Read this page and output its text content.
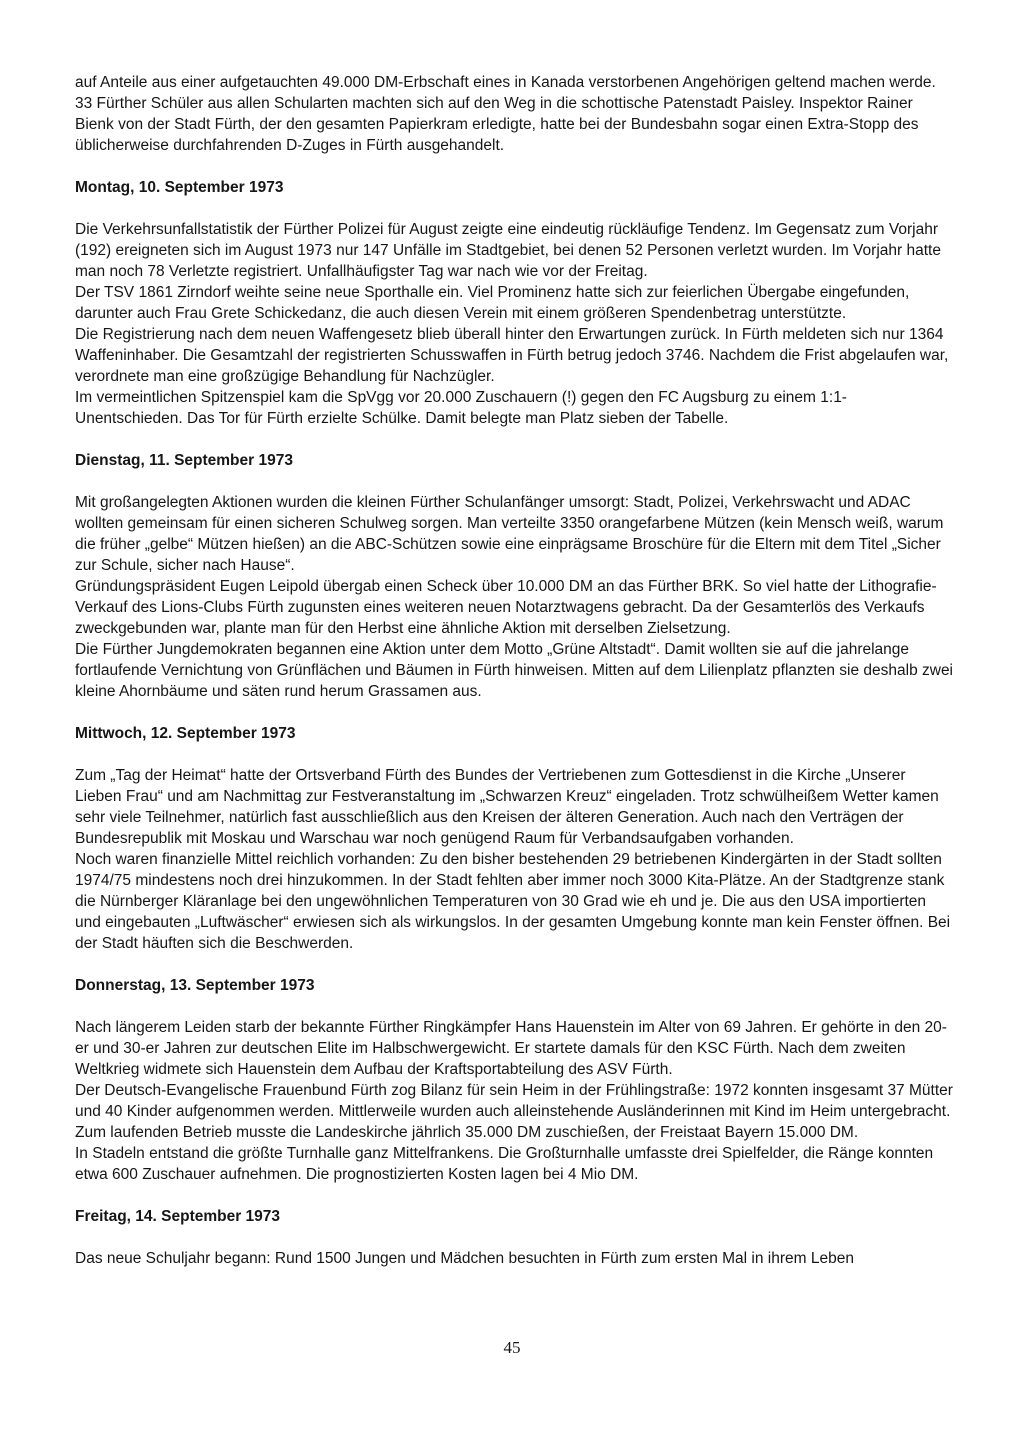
auf Anteile aus einer aufgetauchten 49.000 DM-Erbschaft eines in Kanada verstorbenen Angehörigen geltend machen werde.

33 Fürther Schüler aus allen Schularten machten sich auf den Weg in die schottische Patenstadt Paisley. Inspektor Rainer Bienk von der Stadt Fürth, der den gesamten Papierkram erledigte, hatte bei der Bundesbahn sogar einen Extra-Stopp des üblicherweise durchfahrenden D-Zuges in Fürth ausgehandelt.

Montag, 10. September 1973

Die Verkehrsunfallstatistik der Fürther Polizei für August zeigte eine eindeutig rückläufige Tendenz. Im Gegensatz zum Vorjahr (192) ereigneten sich im August 1973 nur 147 Unfälle im Stadtgebiet, bei denen 52 Personen verletzt wurden. Im Vorjahr hatte man noch 78 Verletzte registriert. Unfallhäufigster Tag war nach wie vor der Freitag.

Der TSV 1861 Zirndorf weihte seine neue Sporthalle ein. Viel Prominenz hatte sich zur feierlichen Übergabe eingefunden, darunter auch Frau Grete Schickedanz, die auch diesen Verein mit einem größeren Spendenbetrag unterstützte.

Die Registrierung nach dem neuen Waffengesetz blieb überall hinter den Erwartungen zurück. In Fürth meldeten sich nur 1364 Waffeninhaber. Die Gesamtzahl der registrierten Schusswaffen in Fürth betrug jedoch 3746. Nachdem die Frist abgelaufen war, verordnete man eine großzügige Behandlung für Nachzügler.

Im vermeintlichen Spitzenspiel kam die SpVgg vor 20.000 Zuschauern (!) gegen den FC Augsburg zu einem 1:1-Unentschieden. Das Tor für Fürth erzielte Schülke. Damit belegte man Platz sieben der Tabelle.

Dienstag, 11. September 1973

Mit großangelegten Aktionen wurden die kleinen Fürther Schulanfänger umsorgt: Stadt, Polizei, Verkehrswacht und ADAC wollten gemeinsam für einen sicheren Schulweg sorgen. Man verteilte 3350 orangefarbene Mützen (kein Mensch weiß, warum die früher „gelbe“ Mützen hießen) an die ABC-Schützen sowie eine einprägsame Broschüre für die Eltern mit dem Titel „Sicher zur Schule, sicher nach Hause“.

Gründungspräsident Eugen Leipold übergab einen Scheck über 10.000 DM an das Fürther BRK. So viel hatte der Lithografie-Verkauf des Lions-Clubs Fürth zugunsten eines weiteren neuen Notarztwagens gebracht. Da der Gesamterlös des Verkaufs zweckgebunden war, plante man für den Herbst eine ähnliche Aktion mit derselben Zielsetzung.

Die Fürther Jungdemokraten begannen eine Aktion unter dem Motto „Grüne Altstadt“. Damit wollten sie auf die jahrelange fortlaufende Vernichtung von Grünflächen und Bäumen in Fürth hinweisen. Mitten auf dem Lilienplatz pflanzten sie deshalb zwei kleine Ahornbäume und säten rund herum Grassamen aus.

Mittwoch, 12. September 1973

Zum „Tag der Heimat“ hatte der Ortsverband Fürth des Bundes der Vertriebenen zum Gottesdienst in die Kirche „Unserer Lieben Frau“ und am Nachmittag zur Festveranstaltung im „Schwarzen Kreuz“ eingeladen. Trotz schwülheißem Wetter kamen sehr viele Teilnehmer, natürlich fast ausschließlich aus den Kreisen der älteren Generation. Auch nach den Verträgen der Bundesrepublik mit Moskau und Warschau war noch genügend Raum für Verbandsaufgaben vorhanden.

Noch waren finanzielle Mittel reichlich vorhanden: Zu den bisher bestehenden 29 betriebenen Kindergärten in der Stadt sollten 1974/75 mindestens noch drei hinzukommen. In der Stadt fehlten aber immer noch 3000 Kita-Plätze. An der Stadtgrenze stank die Nürnberger Kläranlage bei den ungewöhnlichen Temperaturen von 30 Grad wie eh und je. Die aus den USA importierten und eingebauten „Luftwäscher“ erwiesen sich als wirkungslos. In der gesamten Umgebung konnte man kein Fenster öffnen. Bei der Stadt häuften sich die Beschwerden.

Donnerstag, 13. September 1973

Nach längerem Leiden starb der bekannte Fürther Ringkämpfer Hans Hauenstein im Alter von 69 Jahren. Er gehörte in den 20-er und 30-er Jahren zur deutschen Elite im Halbschwergewicht. Er startete damals für den KSC Fürth. Nach dem zweiten Weltkrieg widmete sich Hauenstein dem Aufbau der Kraftsportabteilung des ASV Fürth.

Der Deutsch-Evangelische Frauenbund Fürth zog Bilanz für sein Heim in der Frühlingstraße: 1972 konnten insgesamt 37 Mütter und 40 Kinder aufgenommen werden. Mittlerweile wurden auch alleinstehende Ausländerinnen mit Kind im Heim untergebracht. Zum laufenden Betrieb musste die Landeskirche jährlich 35.000 DM zuschießen, der Freistaat Bayern 15.000 DM.

In Stadeln entstand die größte Turnhalle ganz Mittelfrankens. Die Großturnhalle umfasste drei Spielfelder, die Ränge konnten etwa 600 Zuschauer aufnehmen. Die prognostizierten Kosten lagen bei 4 Mio DM.

Freitag, 14. September 1973

Das neue Schuljahr begann: Rund 1500 Jungen und Mädchen besuchten in Fürth zum ersten Mal in ihrem Leben

45
